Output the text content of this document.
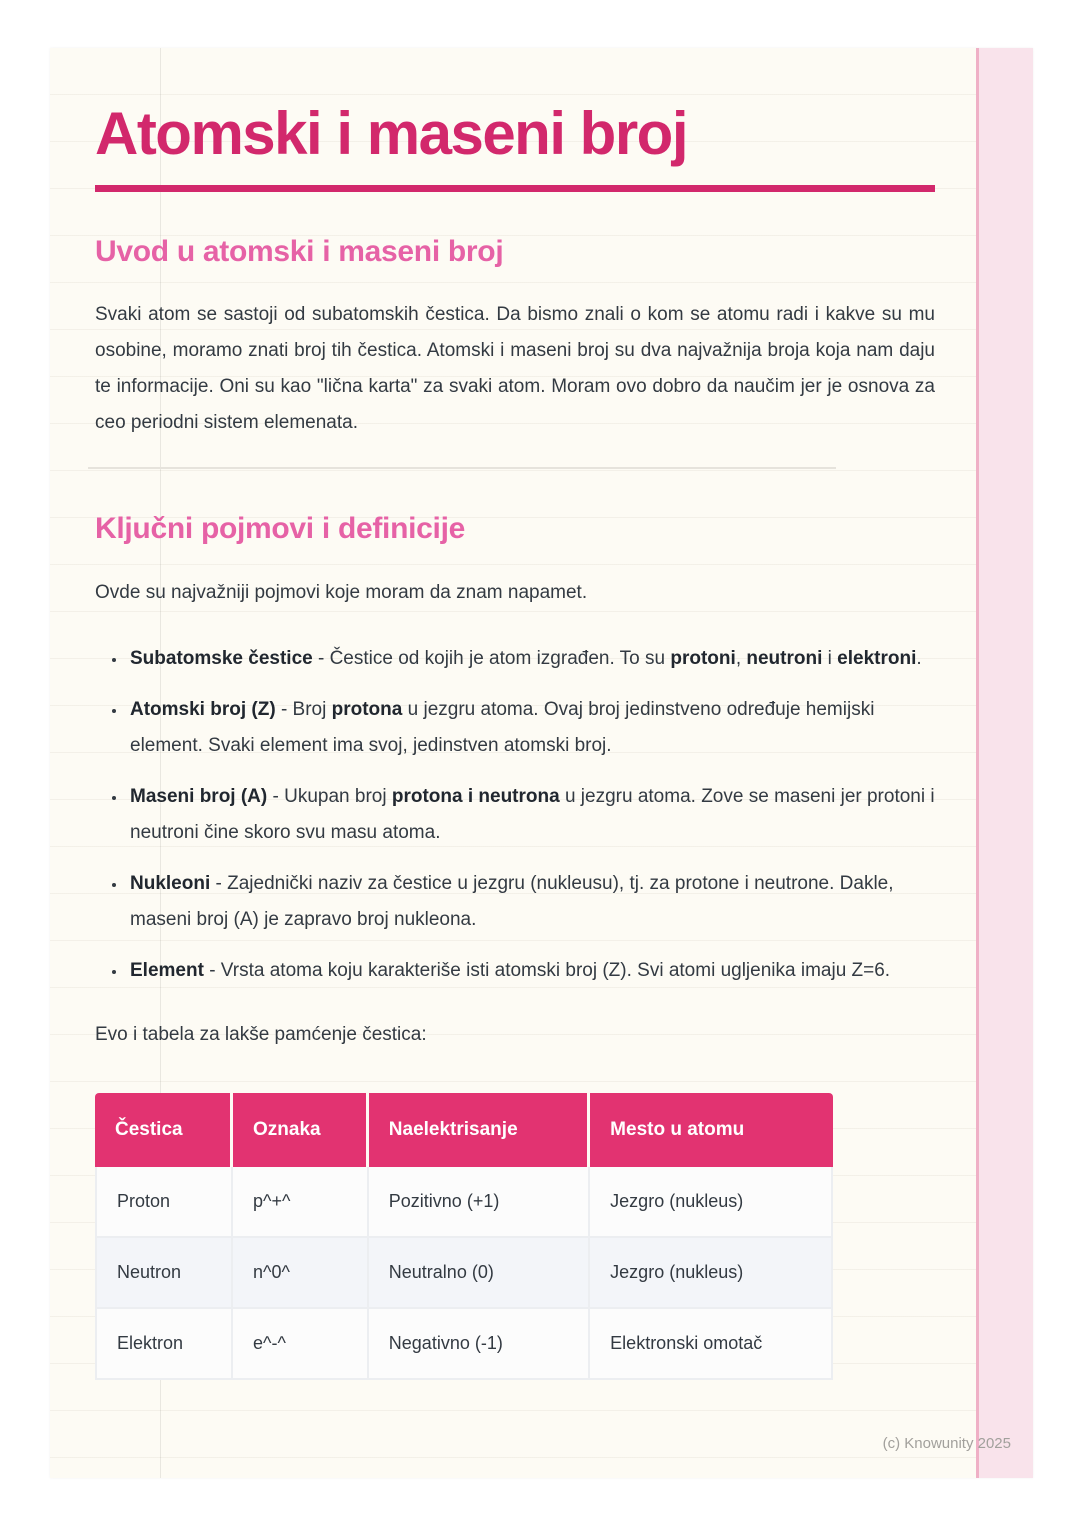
Atomski i maseni broj
Uvod u atomski i maseni broj

Svaki atom se sastoji od subatomskih čestica. Da bismo znali o kom se atomu radi i kakve su mu osobine, moramo znati broj tih čestica. Atomski i maseni broj su dva najvažnija broja koja nam daju te informacije. Oni su kao "lična karta" za svaki atom. Moram ovo dobro da naučim jer je osnova za ceo periodni sistem elemenata.

Ključni pojmovi i definicije

Ovde su najvažniji pojmovi koje moram da znam napamet.

• Subatomske čestice - Čestice od kojih je atom izgrađen. To su protoni, neutroni i elektroni.
• Atomski broj (Z) - Broj protona u jezgru atoma. Ovaj broj jedinstveno određuje hemijski element. Svaki element ima svoj, jedinstven atomski broj.
• Maseni broj (A) - Ukupan broj protona i neutrona u jezgru atoma. Zove se maseni jer protoni i neutroni čine skoro svu masu atoma.
• Nukleoni - Zajednički naziv za čestice u jezgru (nukleusu), tj. za protone i neutrone. Dakle, maseni broj (A) je zapravo broj nukleona.
• Element - Vrsta atoma koju karakteriše isti atomski broj (Z). Svi atomi ugljenika imaju Z=6.

Evo i tabela za lakše pamćenje čestica:

Čestica	Oznaka	Naelektrisanje	Mesto u atomu
Proton	p^+^	Pozitivno (+1)	Jezgro (nukleus)
Neutron	n^0^	Neutralno (0)	Jezgro (nukleus)
Elektron	e^-^	Negativno (-1)	Elektronski omotač
(c) Knowunity 2025
